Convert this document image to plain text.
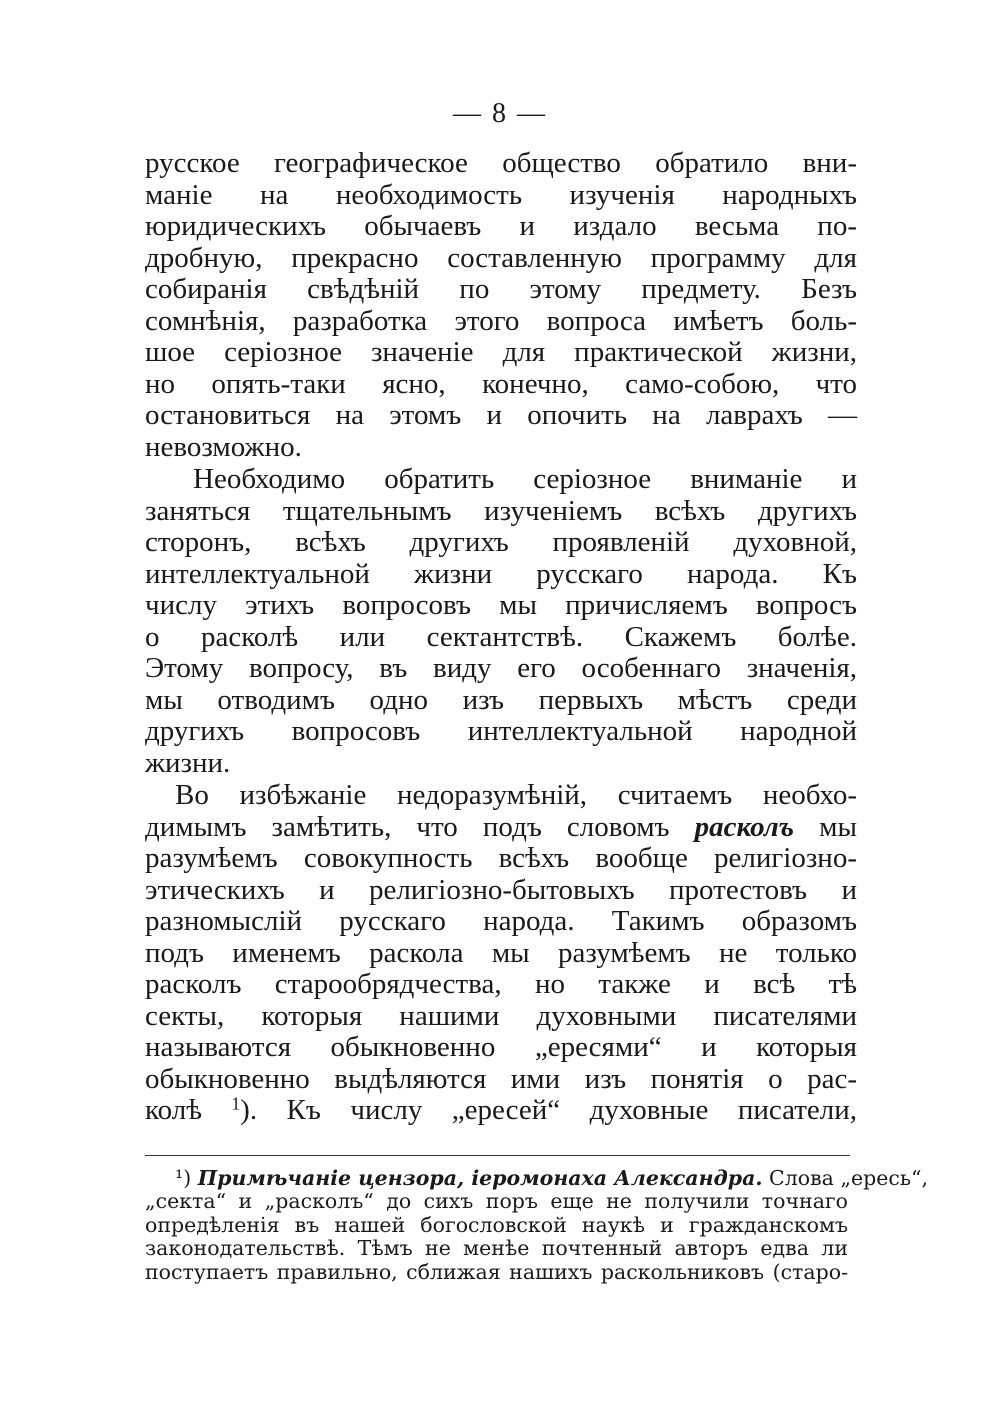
— 8 —
русское географическое общество обратило вни-
маніе на необходимость изученія народныхъ
юридическихъ обычаевъ и издало весьма по-
дробную, прекрасно составленную программу для
собиранія свѣдѣній по этому предмету. Безъ
сомнѣнія, разработка этого вопроса имѣетъ боль-
шое серіозное значеніе для практической жизни,
но опять-таки ясно, конечно, само-собою, что
остановиться на этомъ и опочить на лаврахъ —
невозможно.
Необходимо обратить серіозное вниманіе и
заняться тщательнымъ изученіемъ всѣхъ другихъ
сторонъ, всѣхъ другихъ проявленій духовной,
интеллектуальной жизни русскаго народа. Къ
числу этихъ вопросовъ мы причисляемъ вопросъ
о расколѣ или сектантствѣ. Скажемъ болѣе.
Этому вопросу, въ виду его особеннаго значенія,
мы отводимъ одно изъ первыхъ мѣстъ среди
другихъ вопросовъ интеллектуальной народной
жизни.
Во избѣжаніе недоразумѣній, считаемъ необхо-
димымъ замѣтить, что подъ словомъ расколъ мы
разумѣемъ совокупность всѣхъ вообще религіозно-
этическихъ и религіозно-бытовыхъ протестовъ и
разномыслій русскаго народа. Такимъ образомъ
подъ именемъ раскола мы разумѣемъ не только
расколъ старообрядчества, но также и всѣ тѣ
секты, которыя нашими духовными писателями
называются обыкновенно „ересями“ и которыя
обыкновенно выдѣляются ими изъ понятія о рас-
колѣ $^1$). Къ числу „ересей“ духовные писатели,
¹) Примѣчаніе цензора, іеромонаха Александра. Слова „ересь“,
„секта“ и „расколъ“ до сихъ поръ еще не получили точнаго
опредѣленія въ нашей богословской наукѣ и гражданскомъ
законодательствѣ. Тѣмъ не менѣе почтенный авторъ едва ли
поступаетъ правильно, сближая нашихъ раскольниковъ (старо-
